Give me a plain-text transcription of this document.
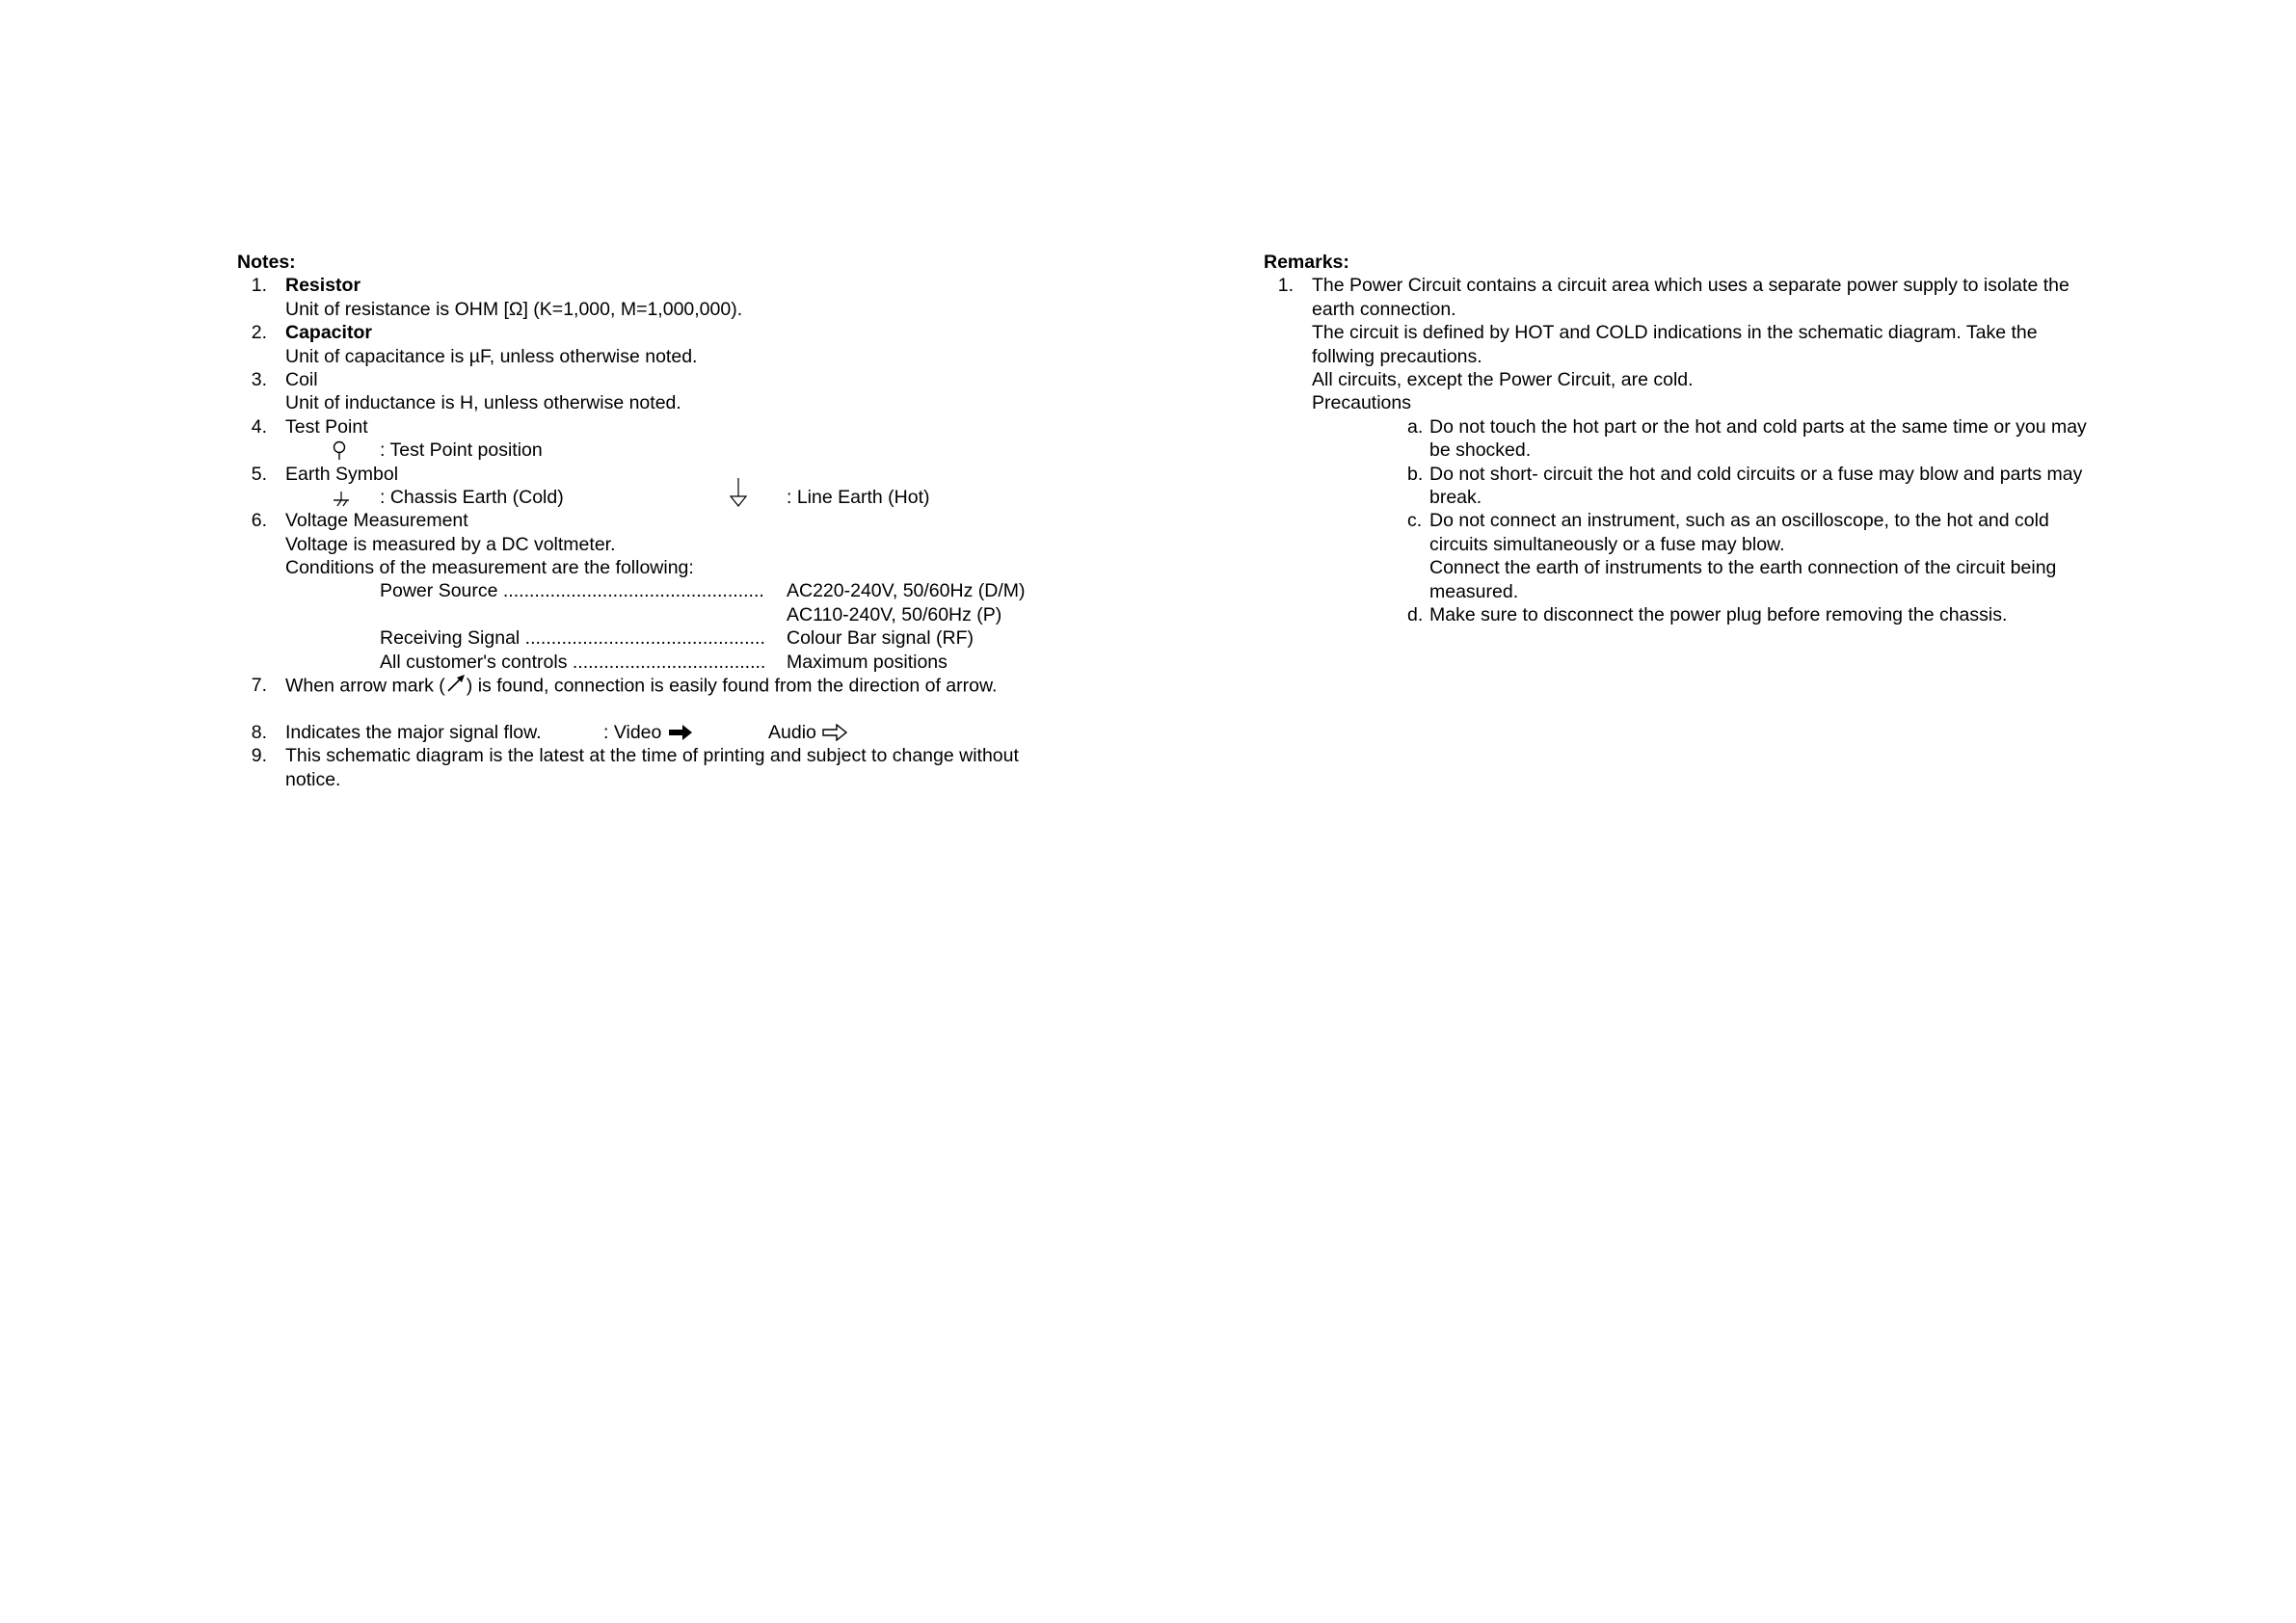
Notes:
1. Resistor
Unit of resistance is OHM [Ω] (K=1,000, M=1,000,000).
2. Capacitor
Unit of capacitance is µF, unless otherwise noted.
3. Coil
Unit of inductance is H, unless otherwise noted.
4. Test Point
: Test Point position
5. Earth Symbol
: Chassis Earth (Cold)	: Line Earth (Hot)
6. Voltage Measurement
Voltage is measured by a DC voltmeter.
Conditions of the measurement are the following:
Power Source .................................................. AC220-240V, 50/60Hz (D/M)
AC110-240V, 50/60Hz (P)
Receiving Signal .............................................. Colour Bar signal (RF)
All customer's controls ..................................... Maximum positions
7. When arrow mark ( ) is found, connection is easily found from the direction of arrow.
8. Indicates the major signal flow.	: Video	Audio
9. This schematic diagram is the latest at the time of printing and subject to change without notice.
Remarks:
1. The Power Circuit contains a circuit area which uses a separate power supply to isolate the earth connection.
The circuit is defined by HOT and COLD indications in the schematic diagram. Take the follwing precautions.
All circuits, except the Power Circuit, are cold.
Precautions
a. Do not touch the hot part or the hot and cold parts at the same time or you may be shocked.
b. Do not short- circuit the hot and cold circuits or a fuse may blow and parts may break.
c. Do not connect an instrument, such as an oscilloscope, to the hot and cold circuits simultaneously or a fuse may blow.
Connect the earth of instruments to the earth connection of the circuit being measured.
d. Make sure to disconnect the power plug before removing the chassis.
